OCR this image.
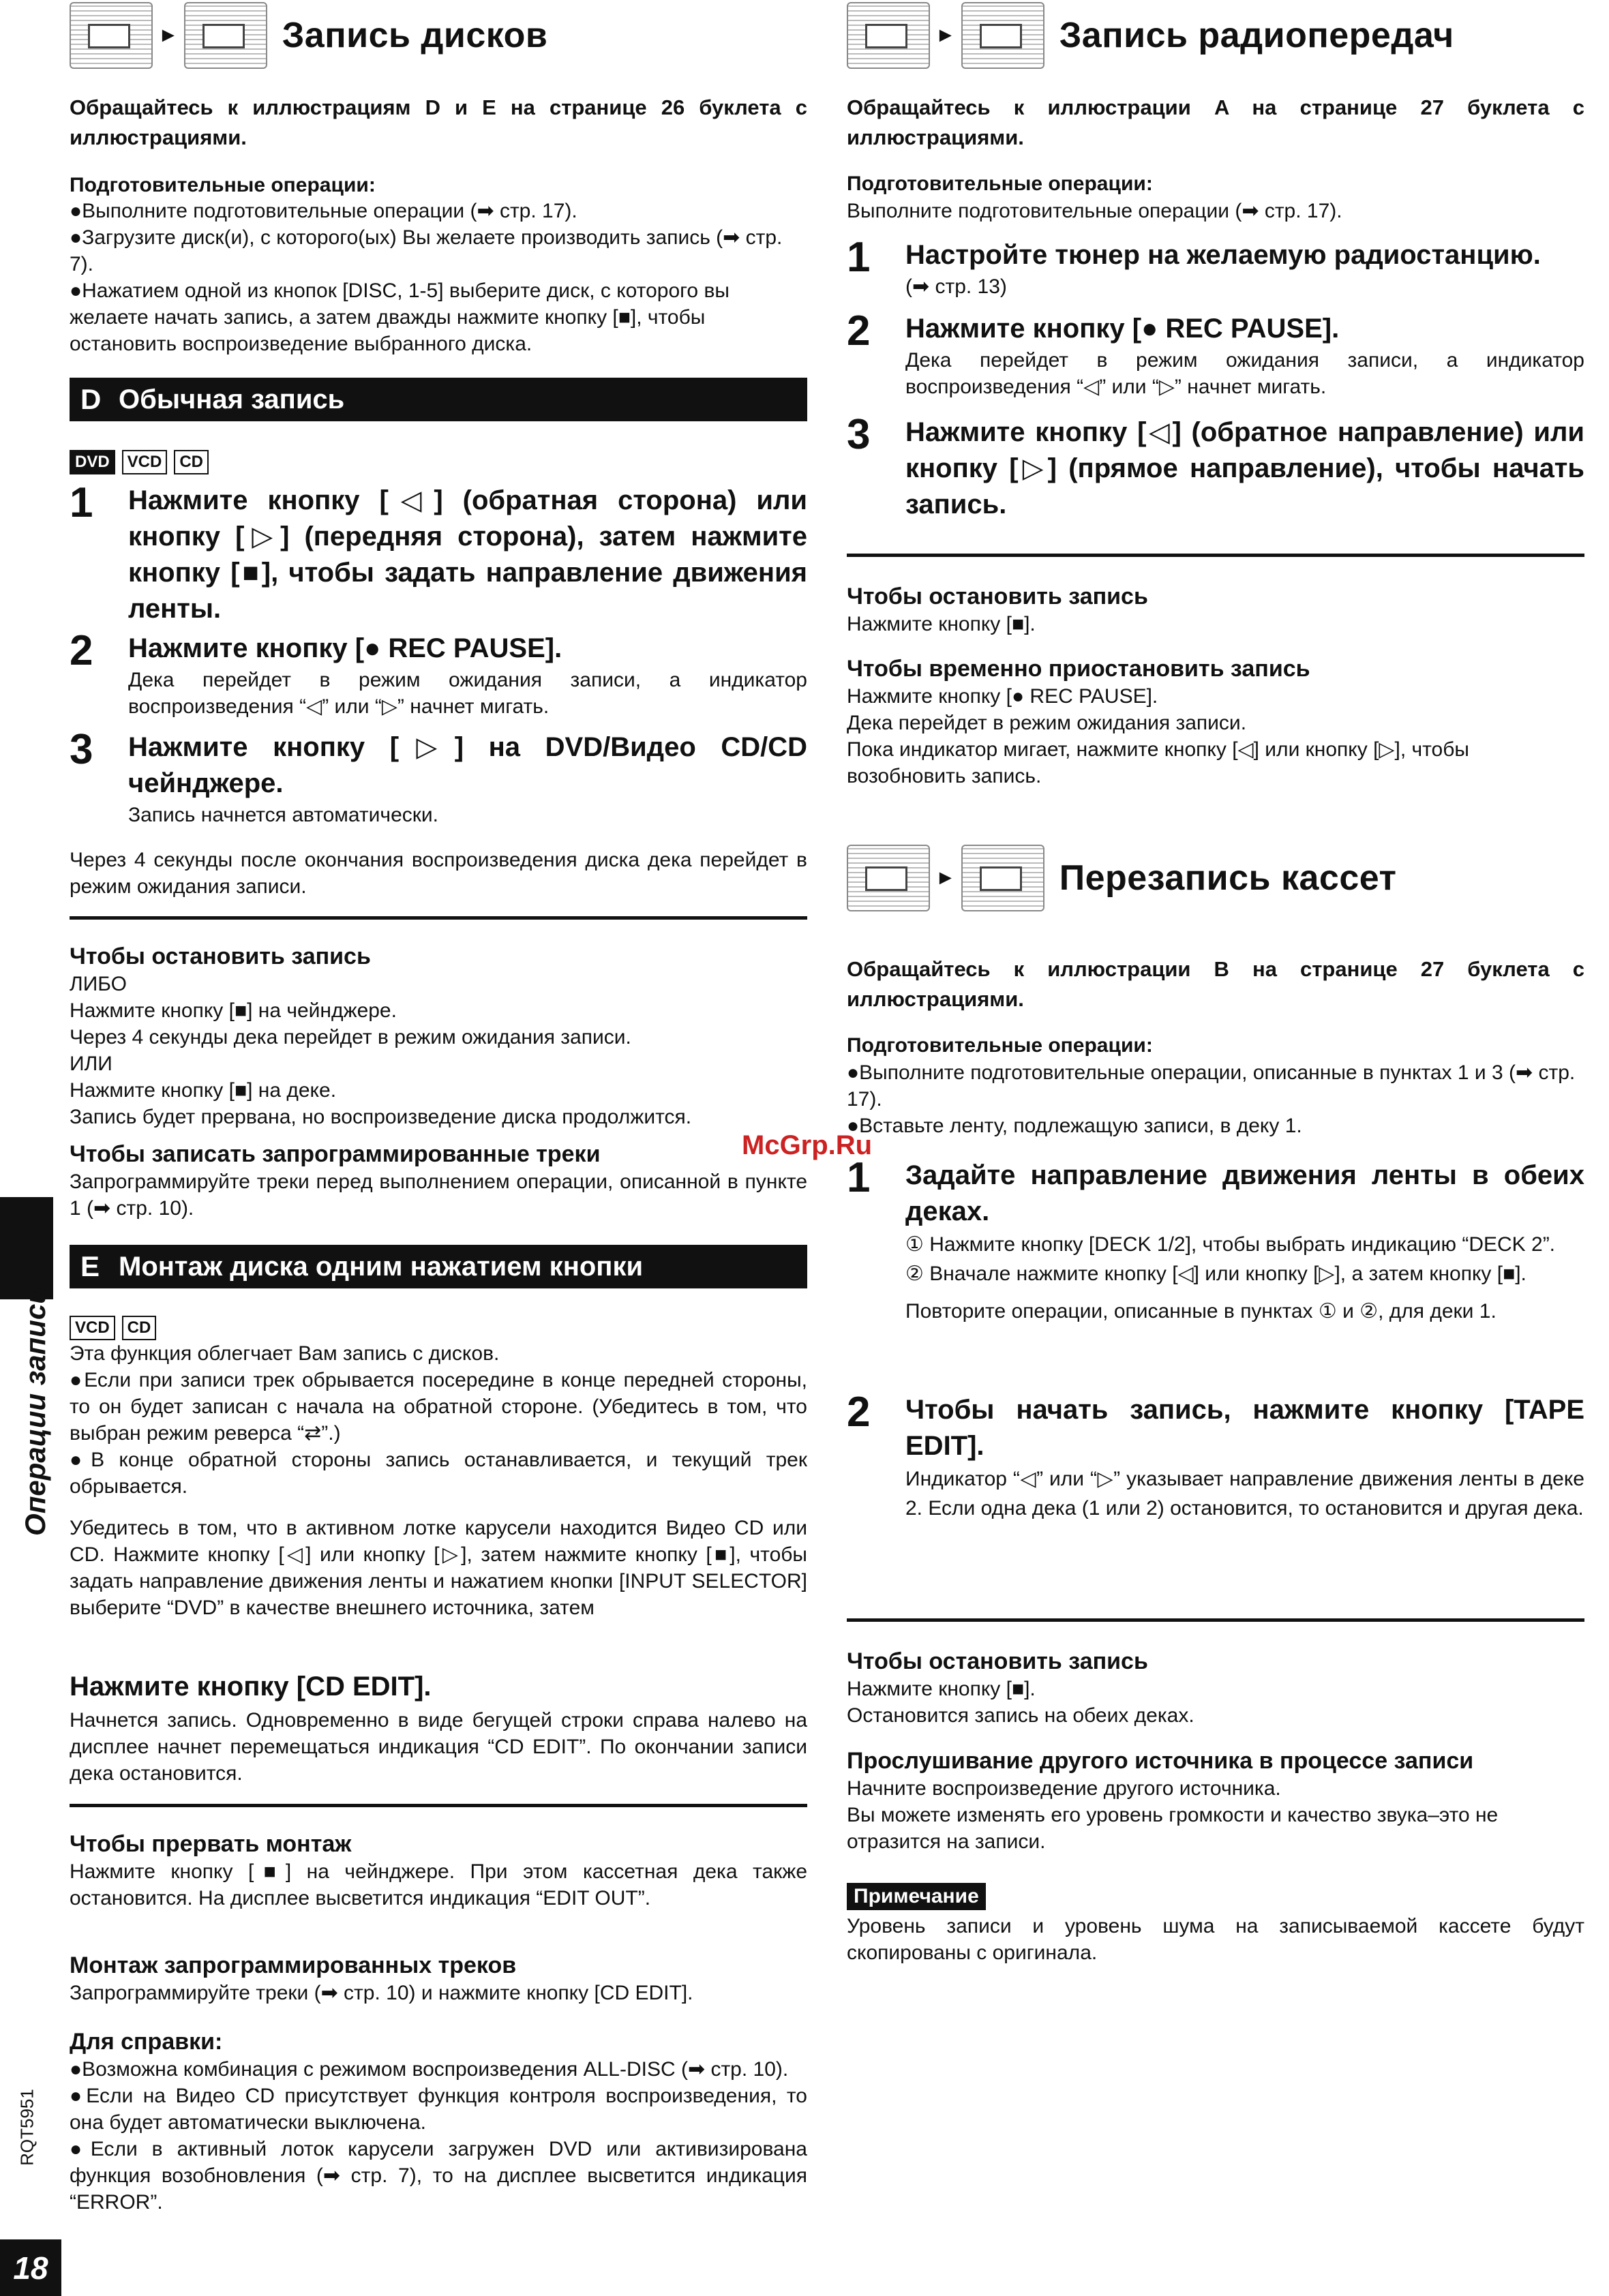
►	Запись дисков

Обращайтесь к иллюстрациям D и E на странице 26 буклета с иллюстрациями.

Подготовительные операции:

●Выполните подготовительные операции (➡ стр. 17).

●Загрузите диск(и), с которого(ых) Вы желаете производить запись (➡ стр. 7).

●Нажатием одной из кнопок [DISC, 1-5] выберите диск, с которого вы желаете начать запись, а затем дважды нажмите кнопку [■], чтобы остановить воспроизведение выбранного диска.

D Обычная запись
DVD	VCD	CD
1 Нажмите кнопку [◁] (обратная сторона) или кнопку [▷] (передняя сторона), затем нажмите кнопку [■], чтобы задать направление движения ленты.

2 Нажмите кнопку [● REC PAUSE].

Дека перейдет в режим ожидания записи, а индикатор воспроизведения “◁” или “▷” начнет мигать.

3 Нажмите кнопку [▷] на DVD/Видео CD/CD чейнджере.

Запись начнется автоматически.

Через 4 секунды после окончания воспроизведения диска дека перейдет в режим ожидания записи.

Чтобы остановить запись

ЛИБО

Нажмите кнопку [■] на чейнджере.

Через 4 секунды дека перейдет в режим ожидания записи.

ИЛИ

Нажмите кнопку [■] на деке.

Запись будет прервана, но воспроизведение диска продолжится.

Чтобы записать запрограммированные треки

Запрограммируйте треки перед выполнением операции, описанной в пункте 1 (➡ стр. 10).

E Монтаж диска одним нажатием кнопки
VCD	CD

Эта функция облегчает Вам запись с дисков.

●Если при записи трек обрывается посередине в конце передней стороны, то он будет записан с начала на обратной стороне. (Убедитесь в том, что выбран режим реверса “⇄”.)

●В конце обратной стороны запись останавливается, и текущий трек обрывается.

Убедитесь в том, что в активном лотке карусели находится Видео CD или CD. Нажмите кнопку [◁] или кнопку [▷], затем нажмите кнопку [■], чтобы задать направление движения ленты и нажатием кнопки [INPUT SELECTOR] выберите “DVD” в качестве внешнего источника, затем

Нажмите кнопку [CD EDIT].

Начнется запись. Одновременно в виде бегущей строки справа налево на дисплее начнет перемещаться индикация “CD EDIT”. По окончании записи дека остановится.

Чтобы прервать монтаж

Нажмите кнопку [■] на чейнджере. При этом кассетная дека также остановится. На дисплее высветится индикация “EDIT OUT”.

Монтаж запрограммированных треков

Запрограммируйте треки (➡ стр. 10) и нажмите кнопку [CD EDIT].

Для справки:

●Возможна комбинация с режимом воспроизведения ALL-DISC (➡ стр. 10).

●Если на Видео CD присутствует функция контроля воспроизведения, то она будет автоматически выключена.

●Если в активный лоток карусели загружен DVD или активизирована функция возобновления (➡ стр. 7), то на дисплее высветится индикация “ERROR”.

►	Запись радиопередач

Обращайтесь к иллюстрации A на странице 27 буклета с иллюстрациями.

Подготовительные операции:

Выполните подготовительные операции (➡ стр. 17).

1 Настройте тюнер на желаемую радиостанцию.

(➡ стр. 13)

2 Нажмите кнопку [● REC PAUSE].

Дека перейдет в режим ожидания записи, а индикатор воспроизведения “◁” или “▷” начнет мигать.

3 Нажмите кнопку [◁] (обратное направление) или кнопку [▷] (прямое направление), чтобы начать запись.

Чтобы остановить запись

Нажмите кнопку [■].

Чтобы временно приостановить запись

Нажмите кнопку [● REC PAUSE].

Дека перейдет в режим ожидания записи.

Пока индикатор мигает, нажмите кнопку [◁] или кнопку [▷], чтобы возобновить запись.

►	Перезапись кассет

Обращайтесь к иллюстрации B на странице 27 буклета с иллюстрациями.

Подготовительные операции:

●Выполните подготовительные операции, описанные в пунктах 1 и 3 (➡ стр. 17).

●Вставьте ленту, подлежащую записи, в деку 1.

1 Задайте направление движения ленты в обеих деках.

① Нажмите кнопку [DECK 1/2], чтобы выбрать индикацию “DECK 2”.

② Вначале нажмите кнопку [◁] или кнопку [▷], а затем кнопку [■].

Повторите операции, описанные в пунктах ① и ②, для деки 1.

2 Чтобы начать запись, нажмите кнопку [TAPE EDIT].

Индикатор “◁” или “▷” указывает направление движения ленты в деке 2. Если одна дека (1 или 2) остановится, то остановится и другая дека.

Чтобы остановить запись

Нажмите кнопку [■].

Остановится запись на обеих деках.

Прослушивание другого источника в процессе записи

Начните воспроизведение другого источника.

Вы можете изменять его уровень громкости и качество звука–это не отразится на записи.

Примечание

Уровень записи и уровень шума на записываемой кассете будут скопированы с оригинала.

Операции записи
RQT5951
18
McGrp.Ru
